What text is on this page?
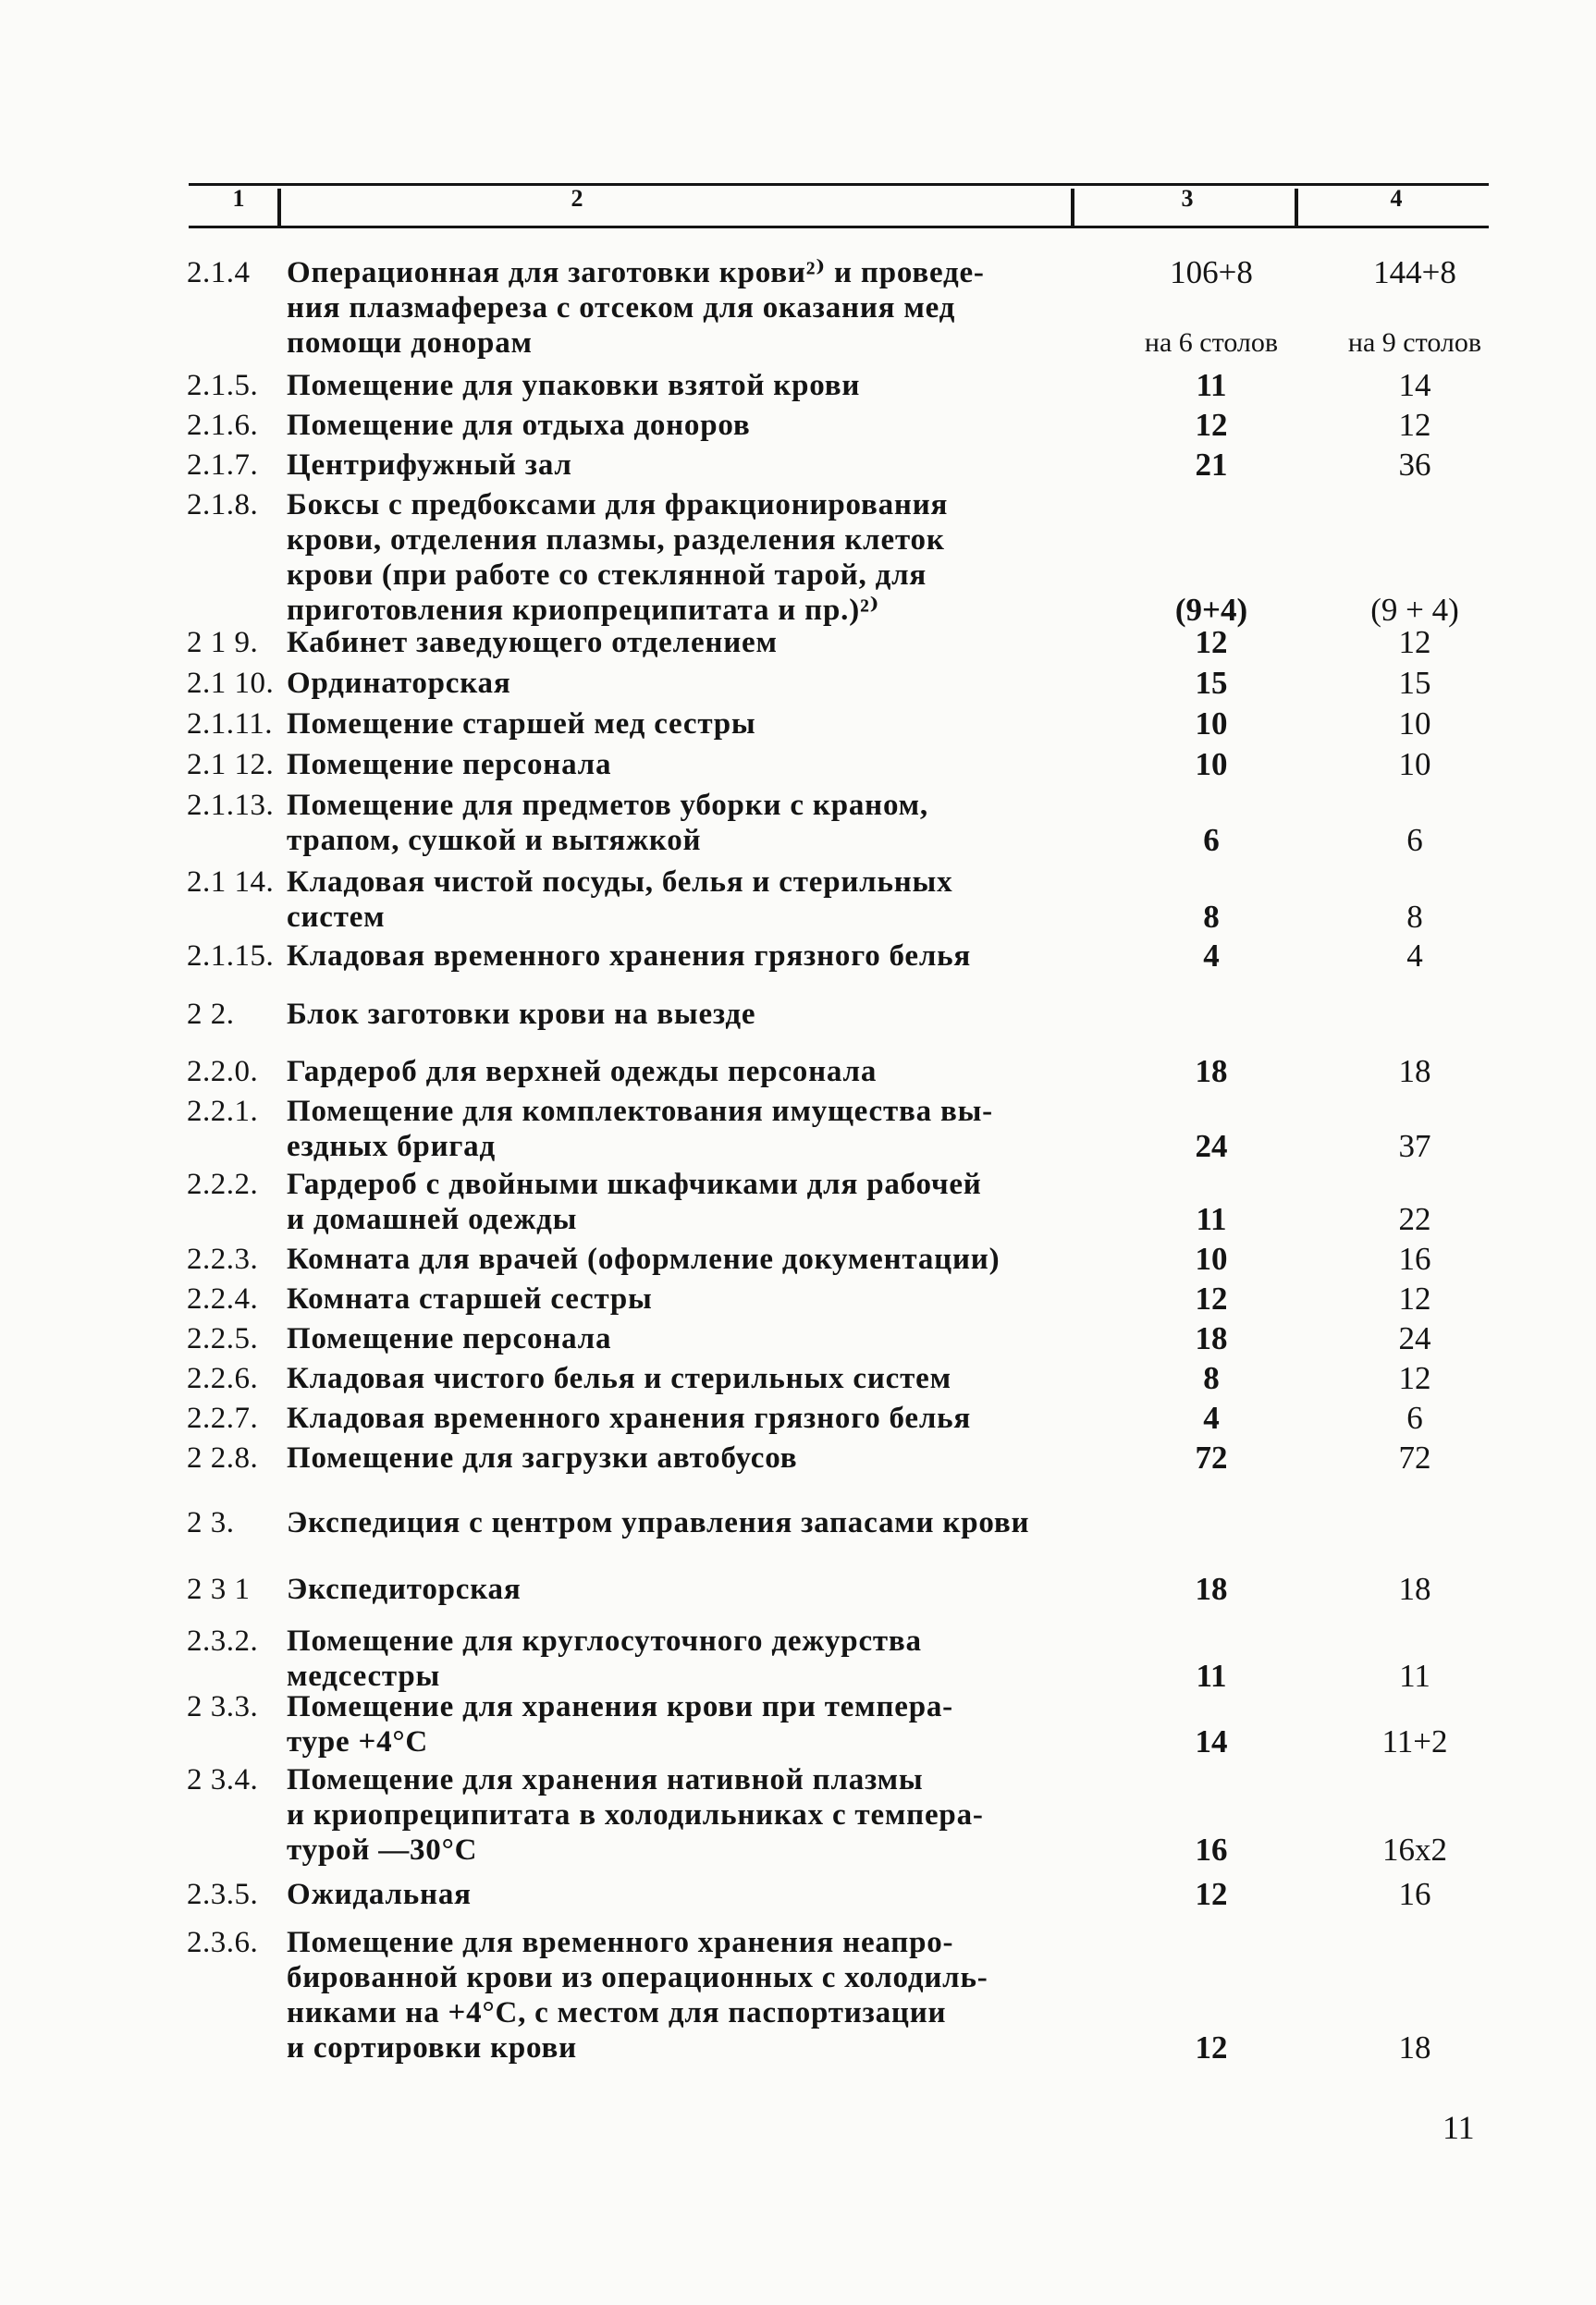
1	2	3	4
2.1.4 Операционная для заготовки крови²⁾ и проведе-
ния плазмафереза с отсеком для оказания мед
помощи донорам
106+8	144+8
на 6 столов	на 9 столов
2.1.5. Помещение для упаковки взятой крови	11	14
2.1.6. Помещение для отдыха доноров	12	12
2.1.7. Центрифужный зал	21	36
2.1.8. Боксы с предбоксами для фракционирования
крови, отделения плазмы, разделения клеток
крови (при работе со стеклянной тарой, для
приготовления криопреципитата и пр.)²⁾	(9+4)	(9 + 4)
2 1 9. Кабинет заведующего отделением	12	12
2.1 10. Ординаторская	15	15
2.1.11. Помещение старшей мед сестры	10	10
2.1 12. Помещение персонала	10	10
2.1.13. Помещение для предметов уборки с краном,
трапом, сушкой и вытяжкой	6	6
2.1 14. Кладовая чистой посуды, белья и стерильных
систем	8	8
2.1.15. Кладовая временного хранения грязного белья	4	4
2 2. Блок заготовки крови на выезде
2.2.0. Гардероб для верхней одежды персонала	18	18
2.2.1. Помещение для комплектования имущества вы-
ездных бригад	24	37
2.2.2. Гардероб с двойными шкафчиками для рабочей
и домашней одежды	11	22
2.2.3. Комната для врачей (оформление документации)	10	16
2.2.4. Комната старшей сестры	12	12
2.2.5. Помещение персонала	18	24
2.2.6. Кладовая чистого белья и стерильных систем	8	12
2.2.7. Кладовая временного хранения грязного белья	4	6
2 2.8. Помещение для загрузки автобусов	72	72
2 3. Экспедиция с центром управления запасами крови
2 3 1 Экспедиторская	18	18
2.3.2. Помещение для круглосуточного дежурства
медсестры	11	11
2 3.3. Помещение для хранения крови при темпера-
туре +4°С	14	11+2
2 3.4. Помещение для хранения нативной плазмы
и криопреципитата в холодильниках с темпера-
турой —30°С	16	16x2
2.3.5. Ожидальная	12	16
2.3.6. Помещение для временного хранения неапро-
бированной крови из операционных с холодиль-
никами на +4°С, с местом для паспортизации
и сортировки крови	12	18
11
